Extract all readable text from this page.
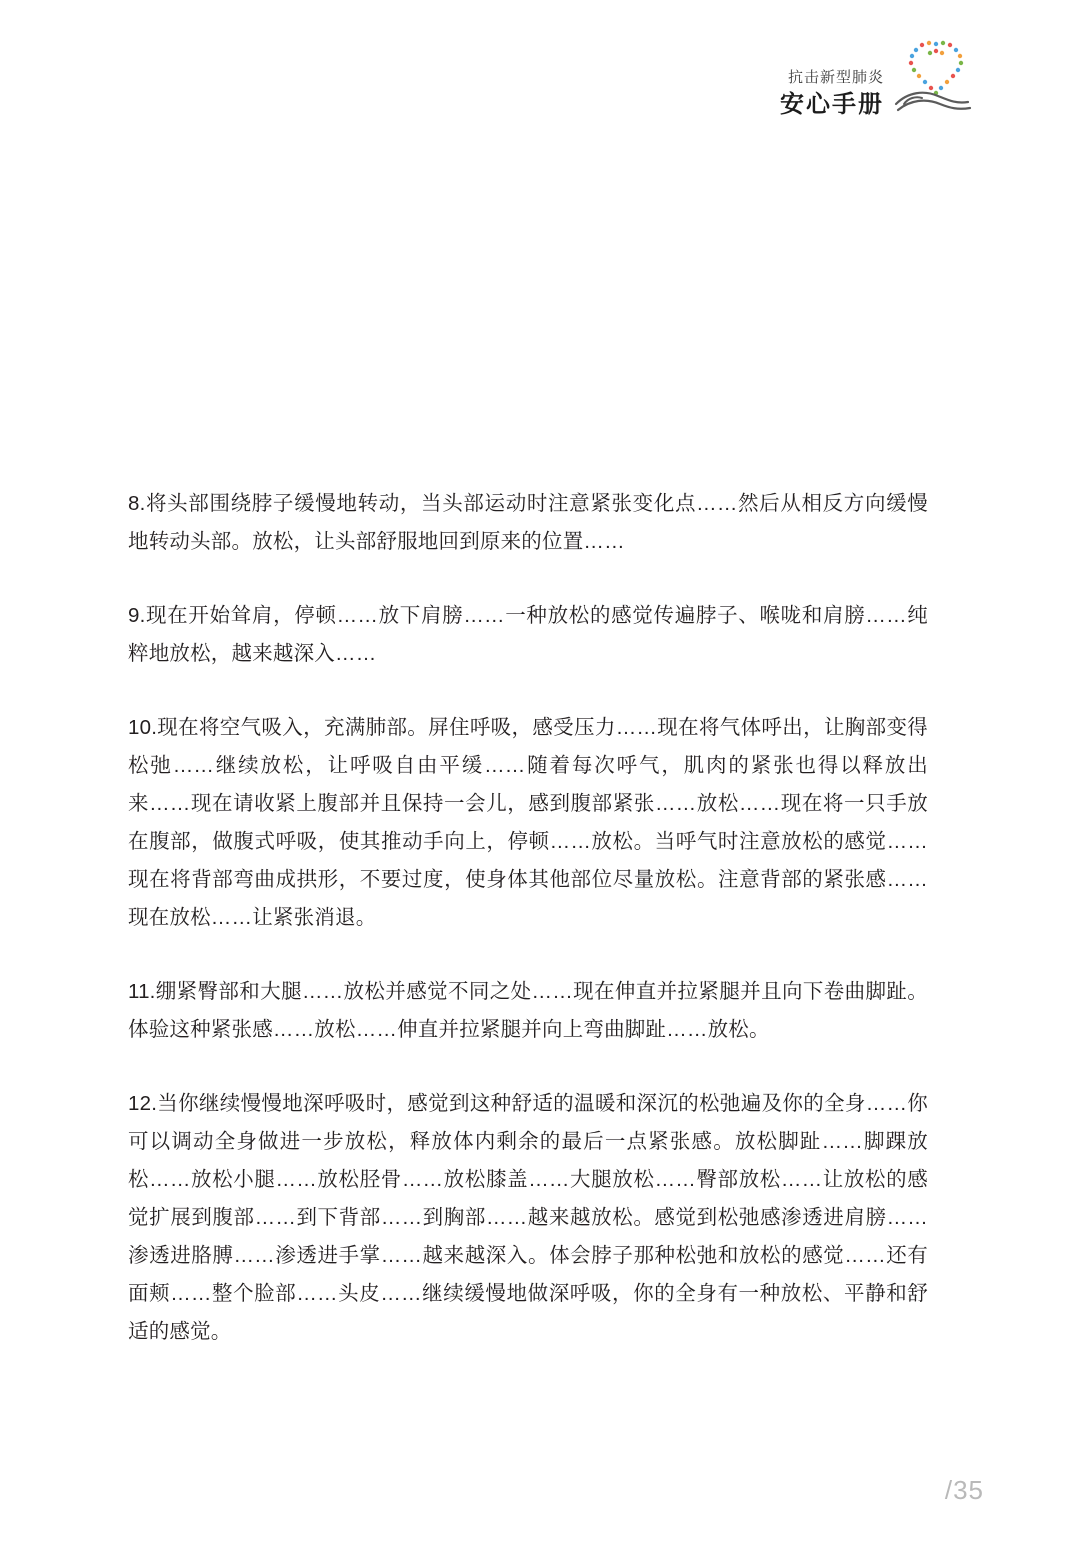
抗击新型肺炎
安心手册

8.将头部围绕脖子缓慢地转动，当头部运动时注意紧张变化点……然后从相反方向缓慢地转动头部。放松，让头部舒服地回到原来的位置……

9.现在开始耸肩，停顿……放下肩膀……一种放松的感觉传遍脖子、喉咙和肩膀……纯粹地放松，越来越深入……

10.现在将空气吸入，充满肺部。屏住呼吸，感受压力……现在将气体呼出，让胸部变得松弛……继续放松，让呼吸自由平缓……随着每次呼气，肌肉的紧张也得以释放出来……现在请收紧上腹部并且保持一会儿，感到腹部紧张……放松……现在将一只手放在腹部，做腹式呼吸，使其推动手向上，停顿……放松。当呼气时注意放松的感觉……现在将背部弯曲成拱形，不要过度，使身体其他部位尽量放松。注意背部的紧张感……现在放松……让紧张消退。

11.绷紧臀部和大腿……放松并感觉不同之处……现在伸直并拉紧腿并且向下卷曲脚趾。体验这种紧张感……放松……伸直并拉紧腿并向上弯曲脚趾……放松。

12.当你继续慢慢地深呼吸时，感觉到这种舒适的温暖和深沉的松弛遍及你的全身……你可以调动全身做进一步放松，释放体内剩余的最后一点紧张感。放松脚趾……脚踝放松……放松小腿……放松胫骨……放松膝盖……大腿放松……臀部放松……让放松的感觉扩展到腹部……到下背部……到胸部……越来越放松。感觉到松弛感渗透进肩膀……渗透进胳膊……渗透进手掌……越来越深入。体会脖子那种松弛和放松的感觉……还有面颊……整个脸部……头皮……继续缓慢地做深呼吸，你的全身有一种放松、平静和舒适的感觉。

/35
